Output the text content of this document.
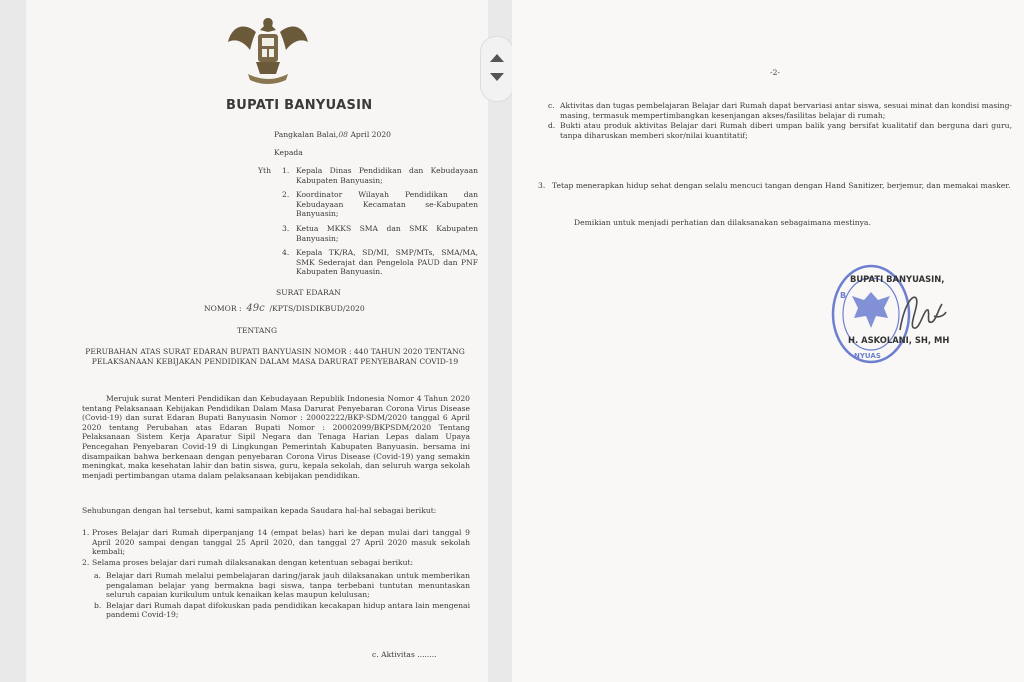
BUPATI BANYUASIN
Pangkalan Balai,08 April 2020
Kepada
Yth 1. Kepala Dinas Pendidikan dan Kebudayaan Kabupaten Banyuasin;
2. Koordinator Wilayah Pendidikan dan Kebudayaan Kecamatan se-Kabupaten Banyuasin;
3. Ketua MKKS SMA dan SMK Kabupaten Banyuasin;
4. Kepala TK/RA, SD/MI, SMP/MTs, SMA/MA, SMK Sederajat dan Pengelola PAUD dan PNF Kabupaten Banyuasin.
SURAT EDARAN
NOMOR : 49c /KPTS/DISDIKBUD/2020
TENTANG
PERUBAHAN ATAS SURAT EDARAN BUPATI BANYUASIN NOMOR : 440 TAHUN 2020 TENTANG PELAKSANAAN KEBIJAKAN PENDIDIKAN DALAM MASA DARURAT PENYEBARAN COVID-19

Merujuk surat Menteri Pendidikan dan Kebudayaan Republik Indonesia Nomor 4 Tahun 2020 tentang Pelaksanaan Kebijakan Pendidikan Dalam Masa Darurat Penyebaran Corona Virus Disease (Covid-19) dan surat Edaran Bupati Banyuasin Nomor : 20002222/BKP-SDM/2020 tanggal 6 April 2020 tentang Perubahan atas Edaran Bupati Nomor : 20002099/BKPSDM/2020 Tentang Pelaksanaan Sistem Kerja Aparatur Sipil Negara dan Tenaga Harian Lepas dalam Upaya Pencegahan Penyebaran Covid-19 di Lingkungan Pemerintah Kabupaten Banyuasin. bersama ini disampaikan bahwa berkenaan dengan penyebaran Corona Virus Disease (Covid-19) yang semakin meningkat, maka kesehatan lahir dan batin siswa, guru, kepala sekolah, dan seluruh warga sekolah menjadi pertimbangan utama dalam pelaksanaan kebijakan pendidikan.

Sehubungan dengan hal tersebut, kami sampaikan kepada Saudara hal-hal sebagai berikut:

1. Proses Belajar dari Rumah diperpanjang 14 (empat belas) hari ke depan mulai dari tanggal 9 April 2020 sampai dengan tanggal 25 April 2020, dan tanggal 27 April 2020 masuk sekolah kembali;
2. Selama proses belajar dari rumah dilaksanakan dengan ketentuan sebagai berikut:
a. Belajar dari Rumah melalui pembelajaran daring/jarak jauh dilaksanakan untuk memberikan pengalaman belajar yang bermakna bagi siswa, tanpa terbebani tuntutan menuntaskan seluruh capaian kurikulum untuk kenaikan kelas maupun kelulusan;
b. Belajar dari Rumah dapat difokuskan pada pendidikan kecakapan hidup antara lain mengenai pandemi Covid-19;
c. Aktivitas ........
-2-
c. Aktivitas dan tugas pembelajaran Belajar dari Rumah dapat bervariasi antar siswa, sesuai minat dan kondisi masing-masing, termasuk mempertimbangkan kesenjangan akses/fasilitas belajar di rumah;
d. Bukti atau produk aktivitas Belajar dari Rumah diberi umpan balik yang bersifat kualitatif dan berguna dari guru, tanpa diharuskan memberi skor/nilai kuantitatif;
3. Tetap menerapkan hidup sehat dengan selalu mencuci tangan dengan Hand Sanitizer, berjemur, dan memakai masker.

Demikian untuk menjadi perhatian dan dilaksanakan sebagaimana mestinya.

B
NYUAS
BUPATI BANYUASIN,
H. ASKOLANI, SH, MH
